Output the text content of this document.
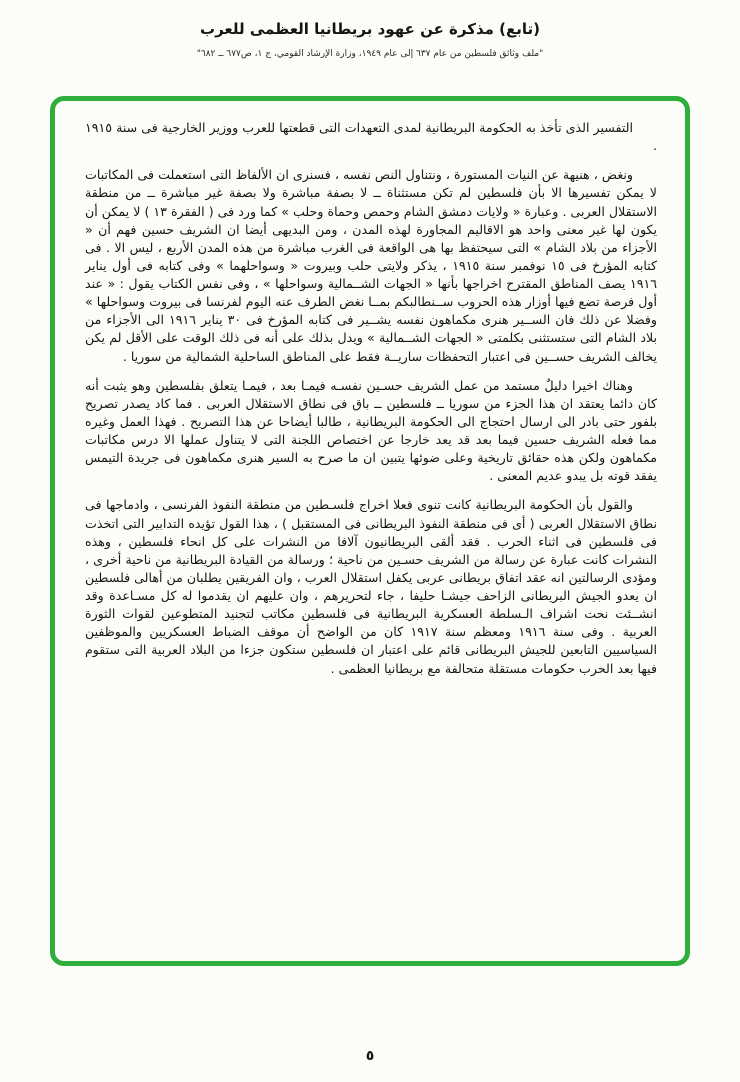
(تابع) مذكرة عن عهود بريطانيا العظمى للعرب
"ملف وثائق فلسطين من عام ٦٣٧ إلى عام ١٩٤٩، وزارة الإرشاد القومي، ج ١، ص٦٧٧ ــ ٦٨٢"

التفسير الذى تأخذ به الحكومة البريطانية لمدى التعهدات التى قطعتها للعرب ووزير الخارجية فى سنة ١٩١٥ .

ونغض ، هنيهة عن النيات المستورة ، ونتناول النص نفسه ، فسنرى ان الألفاظ التى استعملت فى المكاتبات لا يمكن تفسيرها الا بأن فلسطين لم تكن مستثناة ــ لا بصفة مباشرة ولا بصفة غير مباشرة ــ من منطقة الاستقلال العربى . وعبارة « ولايات دمشق الشام وحمص وحماة وحلب » كما ورد فى ( الفقرة ١٣ ) لا يمكن أن يكون لها غير معنى واحد هو الاقاليم المجاورة لهذه المدن ، ومن البديهى أيضا ان الشريف حسين فهم أن « الأجزاء من بلاد الشام » التى سيحتفظ بها هى الواقعة فى الغرب مباشرة من هذه المدن الأربع ، ليس الا . فى كتابه المؤرخ فى ١٥ نوفمبر سنة ١٩١٥ ، يذكر ولايتى حلب وبيروت « وسواحلهما » وفى كتابه فى أول يناير ١٩١٦ يصف المناطق المقترح اخراجها بأنها « الجهات الشــمالية وسواحلها » ، وفى نفس الكتاب يقول : « عند أول فرصة تضع فيها أوزار هذه الحروب ســنطالبكم بمــا نغض الطرف عنه اليوم لفرنسا فى بيروت وسواحلها » وفضلا عن ذلك فان الســير هنرى مكماهون نفسه يشــير فى كتابه المؤرخ فى ٣٠ يناير ١٩١٦ الى الأجزاء من بلاد الشام التى ستستثنى بكلمتى « الجهات الشــمالية » ويدل بذلك على أنه فى ذلك الوقت على الأقل لم يكن يخالف الشريف حســين فى اعتبار التحفظات ساريــة فقط على المناطق الساحلية الشمالية من سوريا .

وهناك اخيرا دليلٌ مستمد من عمل الشريف حسـين نفسـه فيمـا بعد ، فيمـا يتعلق بفلسطين وهو يثبت أنه كان دائما يعتقد ان هذا الجزء من سوريا ــ فلسطين ــ باق فى نطاق الاستقلال العربى . فما كاد يصدر تصريح بلفور حتى بادر الى ارسال احتجاج الى الحكومة البريطانية ، طالبا أيضاحا عن هذا التصريح . فهذا العمل وغيره مما فعله الشريف حسين فيما بعد قد يعد خارجا عن اختصاص اللجنة التى لا يتناول عملها الا درس مكاتبات مكماهون ولكن هذه حقائق تاريخية وعلى ضوئها يتبين ان ما صرح به السير هنرى مكماهون فى جريدة التيمس يفقد قوته بل يبدو عديم المعنى .

والقول بأن الحكومة البريطانية كانت تنوى فعلا اخراج فلسـطين من منطقة النفوذ الفرنسى ، وادماجها فى نطاق الاستقلال العربى ( أى فى منطقة النفوذ البريطانى فى المستقبل ) ، هذا القول تؤيده التدابير التى اتخذت فى فلسطين فى اثناء الحرب . فقد ألقى البريطانيون آلافا من النشرات على كل انحاء فلسطين ، وهذه النشرات كانت عبارة عن رسالة من الشريف حسـين من ناحية ؛ ورسالة من القيادة البريطانية من ناحية أخرى ، ومؤدى الرسالتين انه عقد اتفاق بريطانى عربى يكفل استقلال العرب ، وان الفريقين يطلبان من أهالى فلسطين ان يعدو الجيش البريطانى الزاحف جيشـا حليفا ، جاء لتحريرهم ، وان عليهم ان يقدموا له كل مسـاعدة وقد انشــئت نحت اشراف الـسلطة العسكرية البريطانية فى فلسطين مكاتب لتجنيد المتطوعين لقوات الثورة العربية . وفى سنة ١٩١٦ ومعظم سنة ١٩١٧ كان من الواضح أن موقف الضباط العسكريين والموظفين السياسيين التابعين للجيش البريطانى قائم على اعتبار ان فلسطين ستكون جزءا من البلاد العربية التى ستقوم فيها بعد الحرب حكومات مستقلة متحالفة مع بريطانيا العظمى .

٥
